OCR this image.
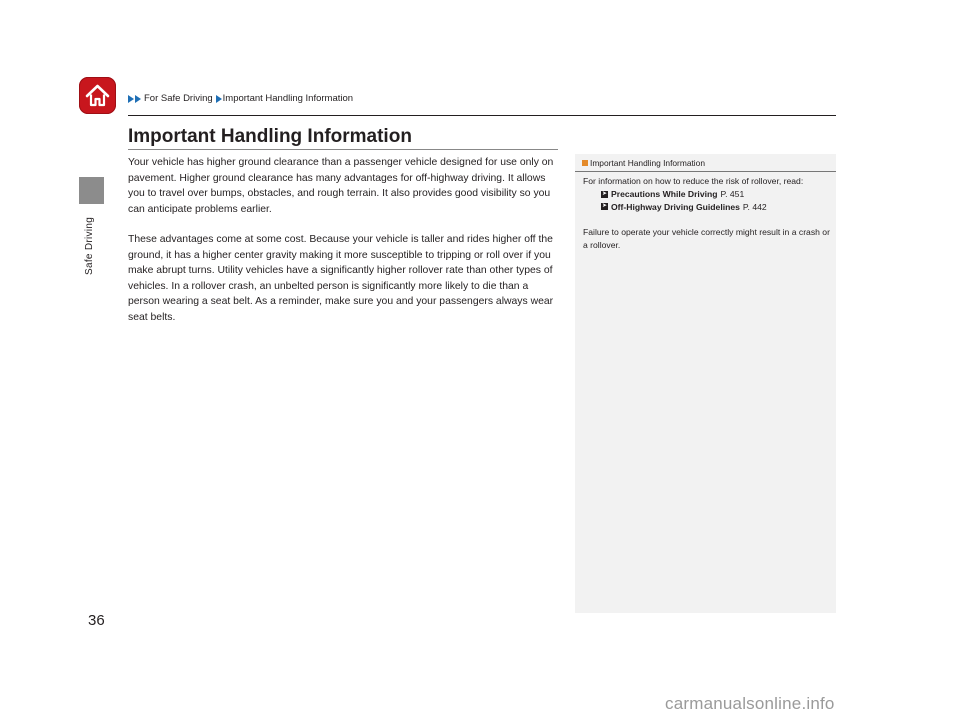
For Safe Driving Important Handling Information
Safe Driving
Important Handling Information

Your vehicle has higher ground clearance than a passenger vehicle designed for use only on pavement. Higher ground clearance has many advantages for off-highway driving. It allows you to travel over bumps, obstacles, and rough terrain. It also provides good visibility so you can anticipate problems earlier.

These advantages come at some cost. Because your vehicle is taller and rides higher off the ground, it has a higher center gravity making it more susceptible to tripping or roll over if you make abrupt turns. Utility vehicles have a significantly higher rollover rate than other types of vehicles. In a rollover crash, an unbelted person is significantly more likely to die than a person wearing a seat belt. As a reminder, make sure you and your passengers always wear seat belts.

Important Handling Information

For information on how to reduce the risk of rollover, read:

➤ Precautions While Driving P. 451

➤ Off-Highway Driving Guidelines P. 442

Failure to operate your vehicle correctly might result in a crash or a rollover.

36
carmanualsonline.info
